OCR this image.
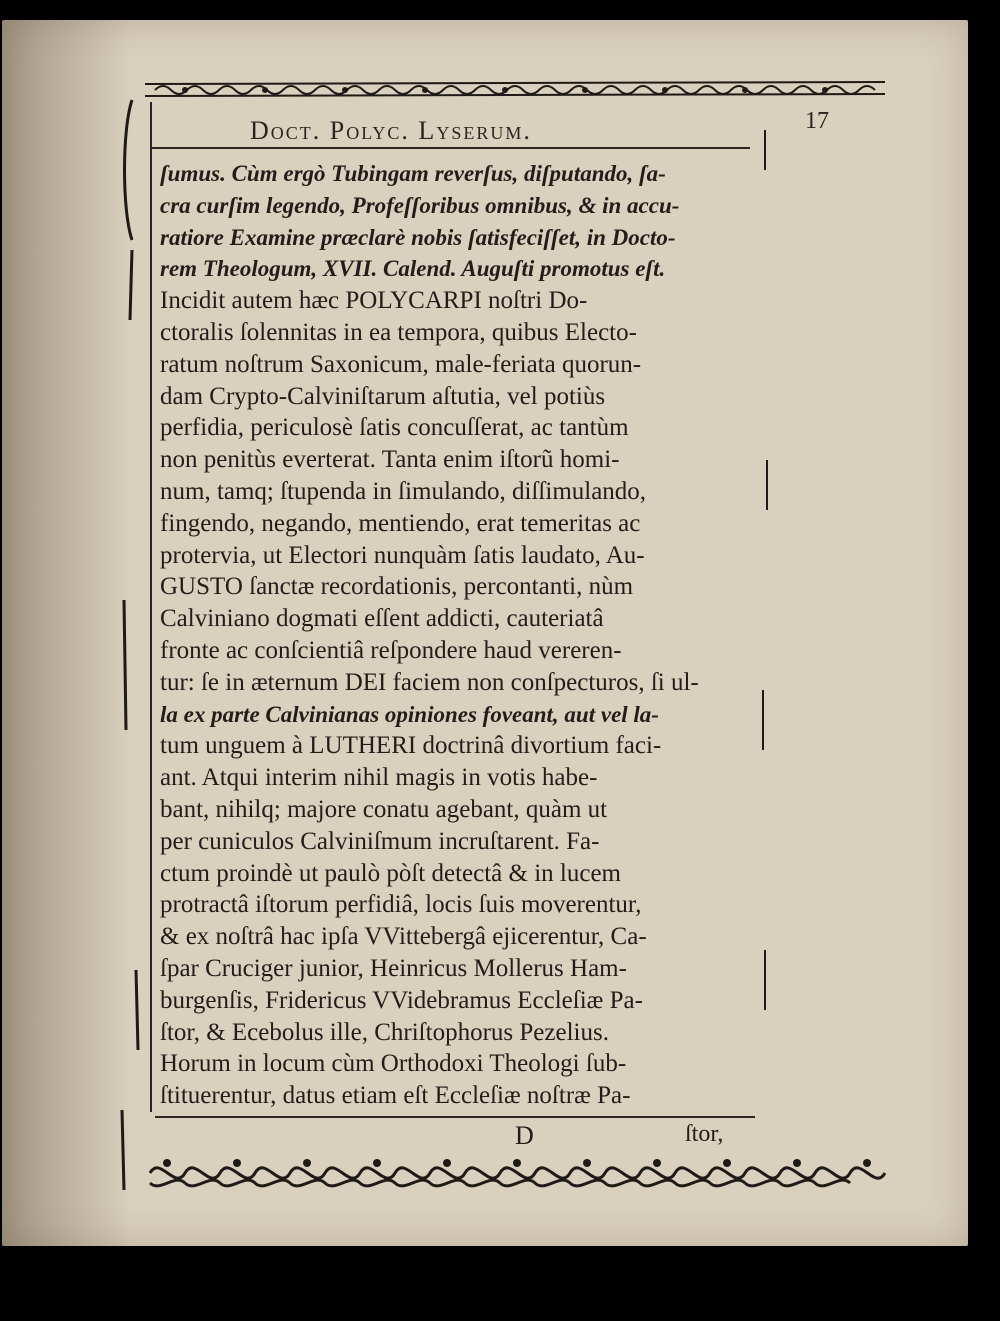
Doct. Polyc. Lyserum.	17
ſumus. Cùm ergò Tubingam reverſus, diſputando, ſa-
cra curſim legendo, Profeſſoribus omnibus, & in accu-
ratiore Examine præclarè nobis ſatisfeciſſet, in Docto-
rem Theologum, XVII. Calend. Auguſti promotus eſt.
Incidit autem hæc POLYCARPI noſtri Do-
ctoralis ſolennitas in ea tempora, quibus Electo-
ratum noſtrum Saxonicum, male-feriata quorun-
dam Crypto-Calviniſtarum aſtutia, vel potiùs
perfidia, periculosè ſatis concuſſerat, ac tantùm
non penitùs everterat. Tanta enim iſtorũ homi-
num, tamq; ſtupenda in ſimulando, diſſimulando,
fingendo, negando, mentiendo, erat temeritas ac
protervia, ut Electori nunquàm ſatis laudato, Au-
GUSTO ſanctæ recordationis, percontanti, nùm
Calviniano dogmati eſſent addicti, cauteriatâ
fronte ac conſcientiâ reſpondere haud vereren-
tur: ſe in æternum DEI faciem non conſpecturos, ſi ul-
la ex parte Calvinianas opiniones foveant, aut vel la-
tum unguem à LUTHERI doctrinâ divortium faci-
ant. Atqui interim nihil magis in votis habe-
bant, nihilq; majore conatu agebant, quàm ut
per cuniculos Calviniſmum incruſtarent. Fa-
ctum proindè ut paulò pòſt detectâ & in lucem
protractâ iſtorum perfidiâ, locis ſuis moverentur,
& ex noſtrâ hac ipſa VVittebergâ ejicerentur, Ca-
ſpar Cruciger junior, Heinricus Mollerus Ham-
burgenſis, Fridericus VVidebramus Eccleſiæ Pa-
ſtor, & Ecebolus ille, Chriſtophorus Pezelius.
Horum in locum cùm Orthodoxi Theologi ſub-
ſtituerentur, datus etiam eſt Eccleſiæ noſtræ Pa-
D	ſtor,
